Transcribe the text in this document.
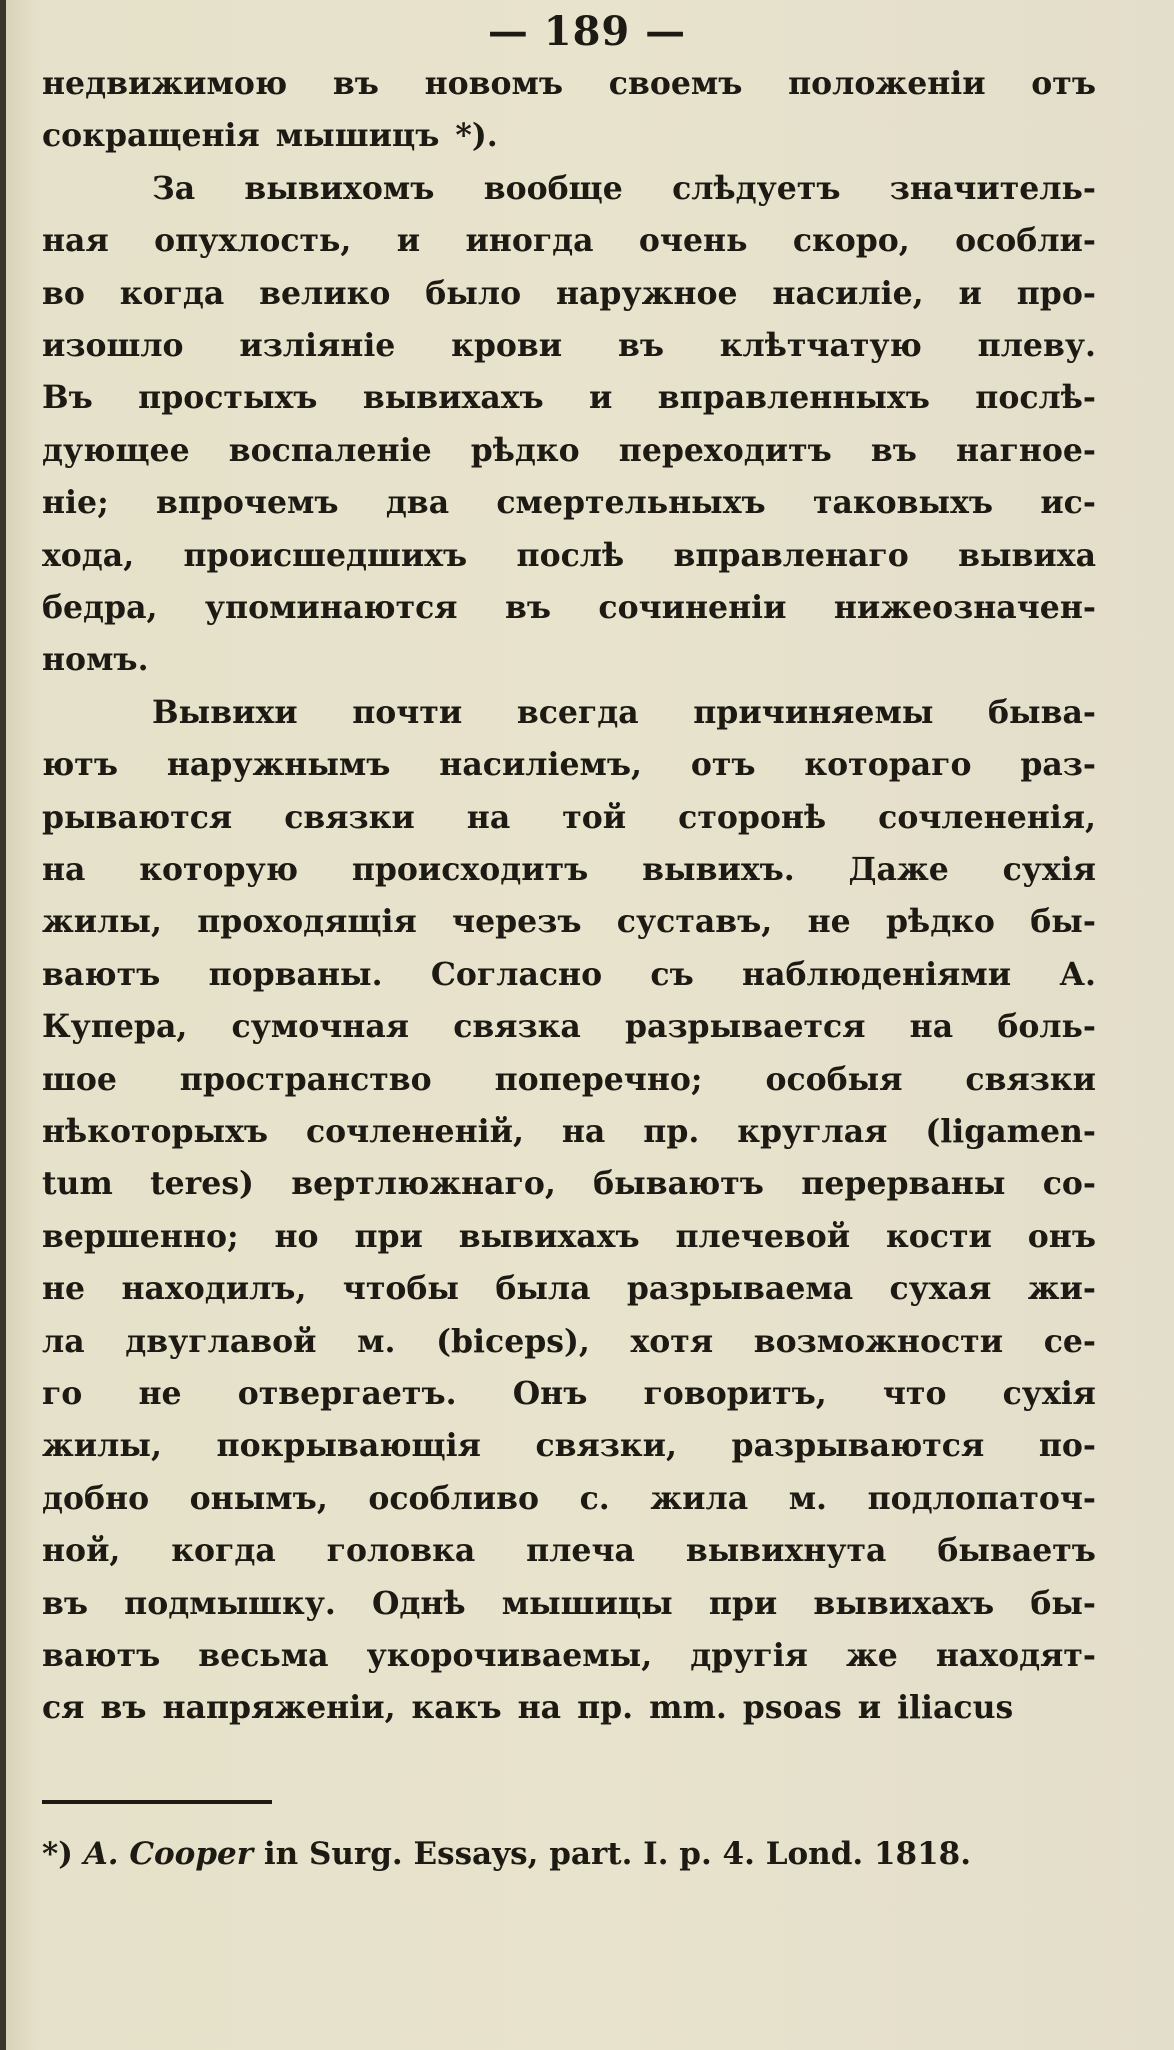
— 189 —
недвижимою въ новомъ своемъ положеніи отъ
сокращенія мышицъ *).
За вывихомъ вообще слѣдуетъ значитель-
ная опухлость, и иногда очень скоро, особли-
во когда велико было наружное насиліе, и про-
изошло изліяніе крови въ клѣтчатую плеву.
Въ простыхъ вывихахъ и вправленныхъ послѣ-
дующее воспаленіе рѣдко переходитъ въ нагное-
ніе; впрочемъ два смертельныхъ таковыхъ ис-
хода, происшедшихъ послѣ вправленаго вывиха
бедра, упоминаются въ сочиненіи нижеозначен-
номъ.
Вывихи почти всегда причиняемы быва-
ютъ наружнымъ насиліемъ, отъ котораго раз-
рываются связки на той сторонѣ сочлененія,
на которую происходитъ вывихъ. Даже сухія
жилы, проходящія черезъ суставъ, не рѣдко бы-
ваютъ порваны. Согласно съ наблюденіями А.
Купера, сумочная связка разрывается на боль-
шое пространство поперечно; особыя связки
нѣкоторыхъ сочлененій, на пр. круглая (ligamen-
tum teres) вертлюжнаго, бываютъ перерваны со-
вершенно; но при вывихахъ плечевой кости онъ
не находилъ, чтобы была разрываема сухая жи-
ла двуглавой м. (biceps), хотя возможности се-
го не отвергаетъ. Онъ говоритъ, что сухія
жилы, покрывающія связки, разрываются по-
добно онымъ, особливо с. жила м. подлопаточ-
ной, когда головка плеча вывихнута бываетъ
въ подмышку. Однѣ мышицы при вывихахъ бы-
ваютъ весьма укорочиваемы, другія же находят-
ся въ напряженіи, какъ на пр. mm. psoas и iliacus
*) A. Cooper in Surg. Essays, part. I. p. 4. Lond. 1818.
